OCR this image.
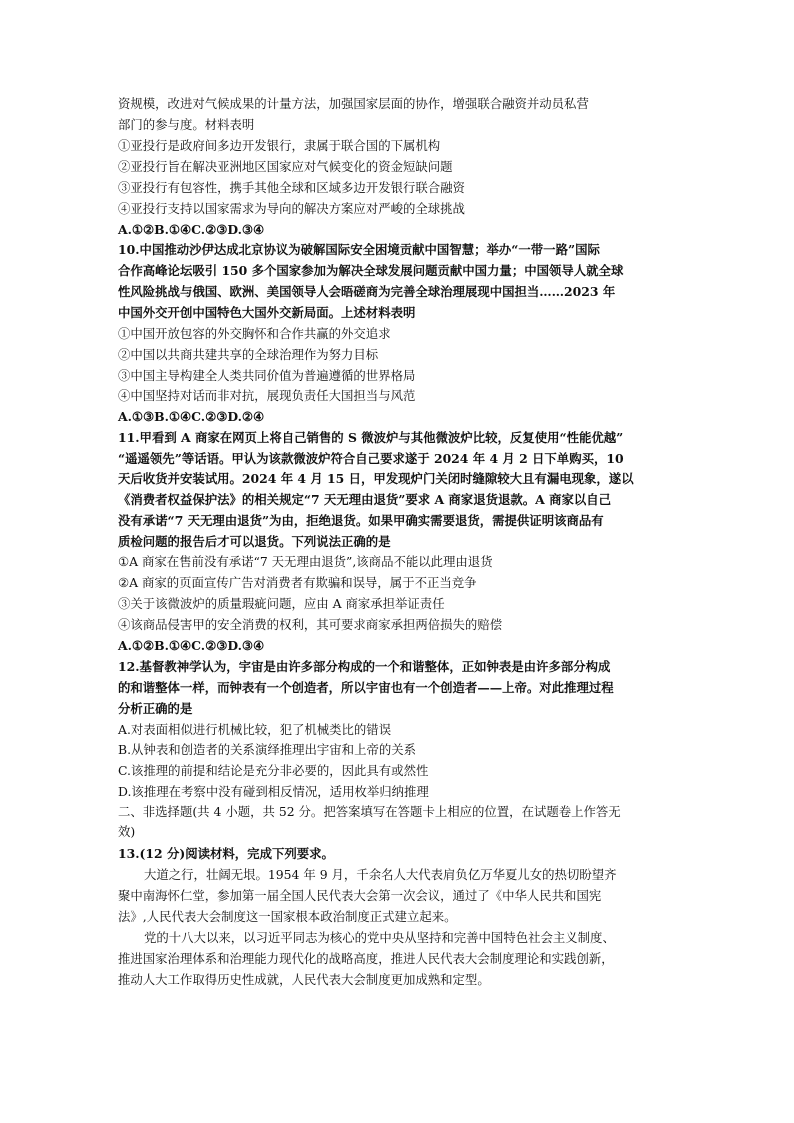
资规模，改进对气候成果的计量方法，加强国家层面的协作，增强联合融资并动员私营
部门的参与度。材料表明
①亚投行是政府间多边开发银行，隶属于联合国的下属机构
②亚投行旨在解决亚洲地区国家应对气候变化的资金短缺问题
③亚投行有包容性，携手其他全球和区域多边开发银行联合融资
④亚投行支持以国家需求为导向的解决方案应对严峻的全球挑战
A.①②B.①④C.②③D.③④
10.中国推动沙伊达成北京协议为破解国际安全困境贡献中国智慧；举办“一带一路”国际
合作高峰论坛吸引 150 多个国家参加为解决全球发展问题贡献中国力量；中国领导人就全球
性风险挑战与俄国、欧洲、美国领导人会晤磋商为完善全球治理展现中国担当……2023 年
中国外交开创中国特色大国外交新局面。上述材料表明
①中国开放包容的外交胸怀和合作共赢的外交追求
②中国以共商共建共享的全球治理作为努力目标
③中国主导构建全人类共同价值为普遍遵循的世界格局
④中国坚持对话而非对抗，展现负责任大国担当与风范
A.①③B.①④C.②③D.②④
11.甲看到 A 商家在网页上将自己销售的 S 微波炉与其他微波炉比较，反复使用“性能优越”
“遥遥领先”等话语。甲认为该款微波炉符合自己要求遂于 2024 年 4 月 2 日下单购买，10
天后收货并安装试用。2024 年 4 月 15 日，甲发现炉门关闭时缝隙较大且有漏电现象，遂以
《消费者权益保护法》的相关规定“7 天无理由退货”要求 A 商家退货退款。A 商家以自己
没有承诺“7 天无理由退货”为由，拒绝退货。如果甲确实需要退货，需提供证明该商品有
质检问题的报告后才可以退货。下列说法正确的是
①A 商家在售前没有承诺“7 天无理由退货”,该商品不能以此理由退货
②A 商家的页面宣传广告对消费者有欺骗和误导，属于不正当竞争
③关于该微波炉的质量瑕疵问题，应由 A 商家承担举证责任
④该商品侵害甲的安全消费的权利，其可要求商家承担两倍损失的赔偿
A.①②B.①④C.②③D.③④
12.基督教神学认为，宇宙是由许多部分构成的一个和谐整体，正如钟表是由许多部分构成
的和谐整体一样，而钟表有一个创造者，所以宇宙也有一个创造者——上帝。对此推理过程
分析正确的是
A.对表面相似进行机械比较，犯了机械类比的错误
B.从钟表和创造者的关系演绎推理出宇宙和上帝的关系
C.该推理的前提和结论是充分非必要的，因此具有或然性
D.该推理在考察中没有碰到相反情况，适用枚举归纳推理
二、非选择题(共 4 小题，共 52 分。把答案填写在答题卡上相应的位置，在试题卷上作答无
效)
13.(12 分)阅读材料，完成下列要求。
大道之行，壮阔无垠。1954 年 9 月，千余名人大代表肩负亿万华夏儿女的热切盼望齐
聚中南海怀仁堂，参加第一届全国人民代表大会第一次会议，通过了《中华人民共和国宪
法》,人民代表大会制度这一国家根本政治制度正式建立起来。
党的十八大以来，以习近平同志为核心的党中央从坚持和完善中国特色社会主义制度、
推进国家治理体系和治理能力现代化的战略高度，推进人民代表大会制度理论和实践创新，
推动人大工作取得历史性成就，人民代表大会制度更加成熟和定型。
